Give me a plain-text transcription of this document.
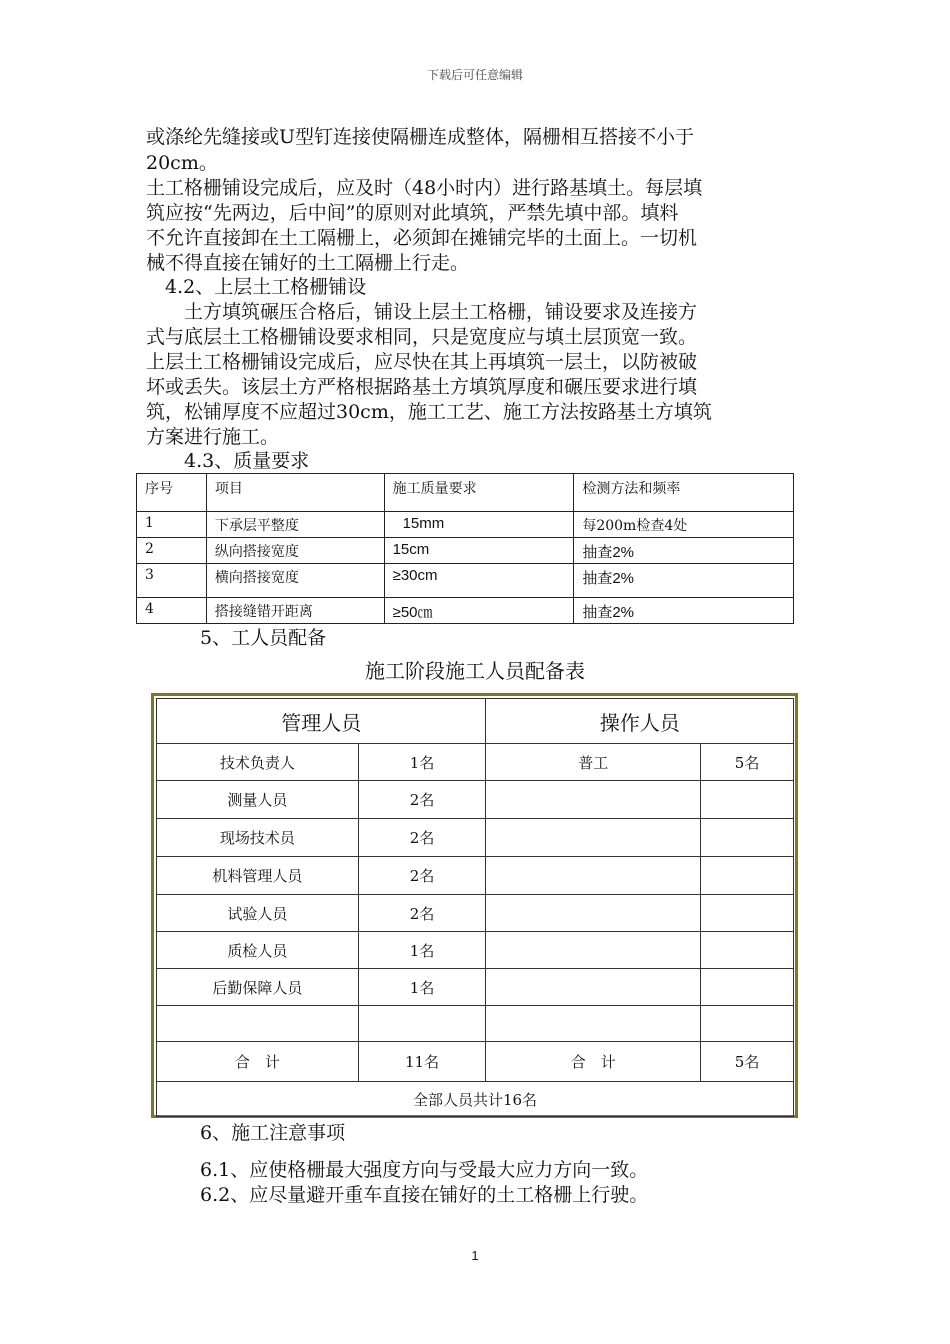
下载后可任意编辑
或涤纶先缝接或U型钉连接使隔栅连成整体，隔栅相互搭接不小于
20cm。
土工格栅铺设完成后，应及时（48小时内）进行路基填土。每层填
筑应按“先两边，后中间”的原则对此填筑，严禁先填中部。填料
不允许直接卸在土工隔栅上，必须卸在摊铺完毕的土面上。一切机
械不得直接在铺好的土工隔栅上行走。
　4.2、上层土工格栅铺设
　　土方填筑碾压合格后，铺设上层土工格栅，铺设要求及连接方
式与底层土工格栅铺设要求相同，只是宽度应与填土层顶宽一致。
上层土工格栅铺设完成后，应尽快在其上再填筑一层土，以防被破
坏或丢失。该层土方严格根据路基土方填筑厚度和碾压要求进行填
筑，松铺厚度不应超过30cm，施工工艺、施工方法按路基土方填筑
方案进行施工。
　　4.3、质量要求
序号	项目	施工质量要求	检测方法和频率
1	下承层平整度	15mm	每200m检查4处
2	纵向搭接宽度	15cm	抽查2%
3	横向搭接宽度	≥30cm	抽查2%
4	搭接缝错开距离	≥50㎝	抽查2%
5、工人员配备
施工阶段施工人员配备表
管理人员		操作人员	
技术负责人	1名	普工	5名
测量人员	2名		
现场技术员	2名		
机料管理人员	2名		
试验人员	2名		
质检人员	1名		
后勤保障人员	1名		

合　计	11名	合　计	5名
全部人员共计16名			
6、施工注意事项
6.1、应使格栅最大强度方向与受最大应力方向一致。
6.2、应尽量避开重车直接在铺好的土工格栅上行驶。
1
